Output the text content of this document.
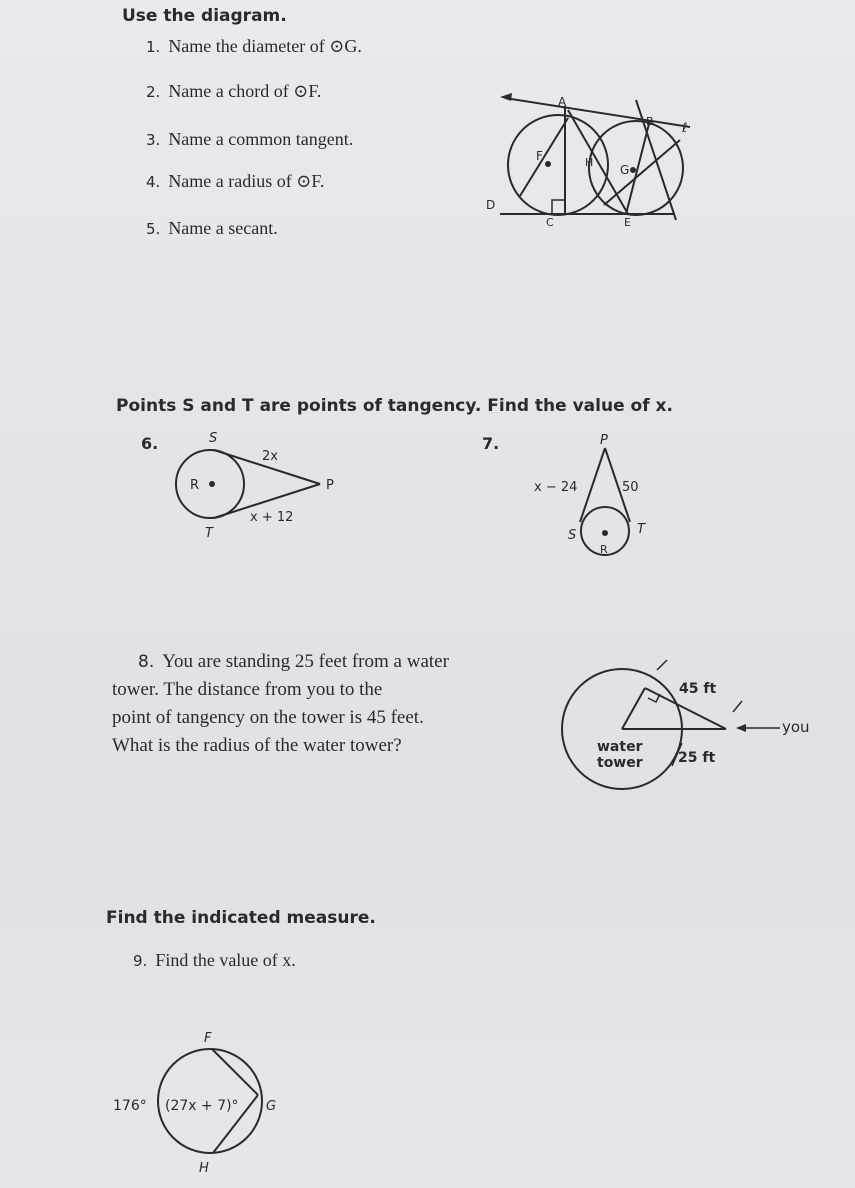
Use the diagram.
1. Name the diameter of ⊙G.
2. Name a chord of ⊙F.
3. Name a common tangent.
4. Name a radius of ⊙F.
5. Name a secant.
A
B ℓ
F	H
G
D
C	E
Points S and T are points of tangency. Find the value of x.
6.	S
R
T
P
2x
x + 12
7.	P
x − 24	50
S	T
R
8. You are standing 25 feet from a water
tower. The distance from you to the
point of tangency on the tower is 45 feet.
What is the radius of the water tower?
45 ft
25 ft
you
water
tower
Find the indicated measure.
9. Find the value of x.
F
G
H
176° (27x + 7)°
